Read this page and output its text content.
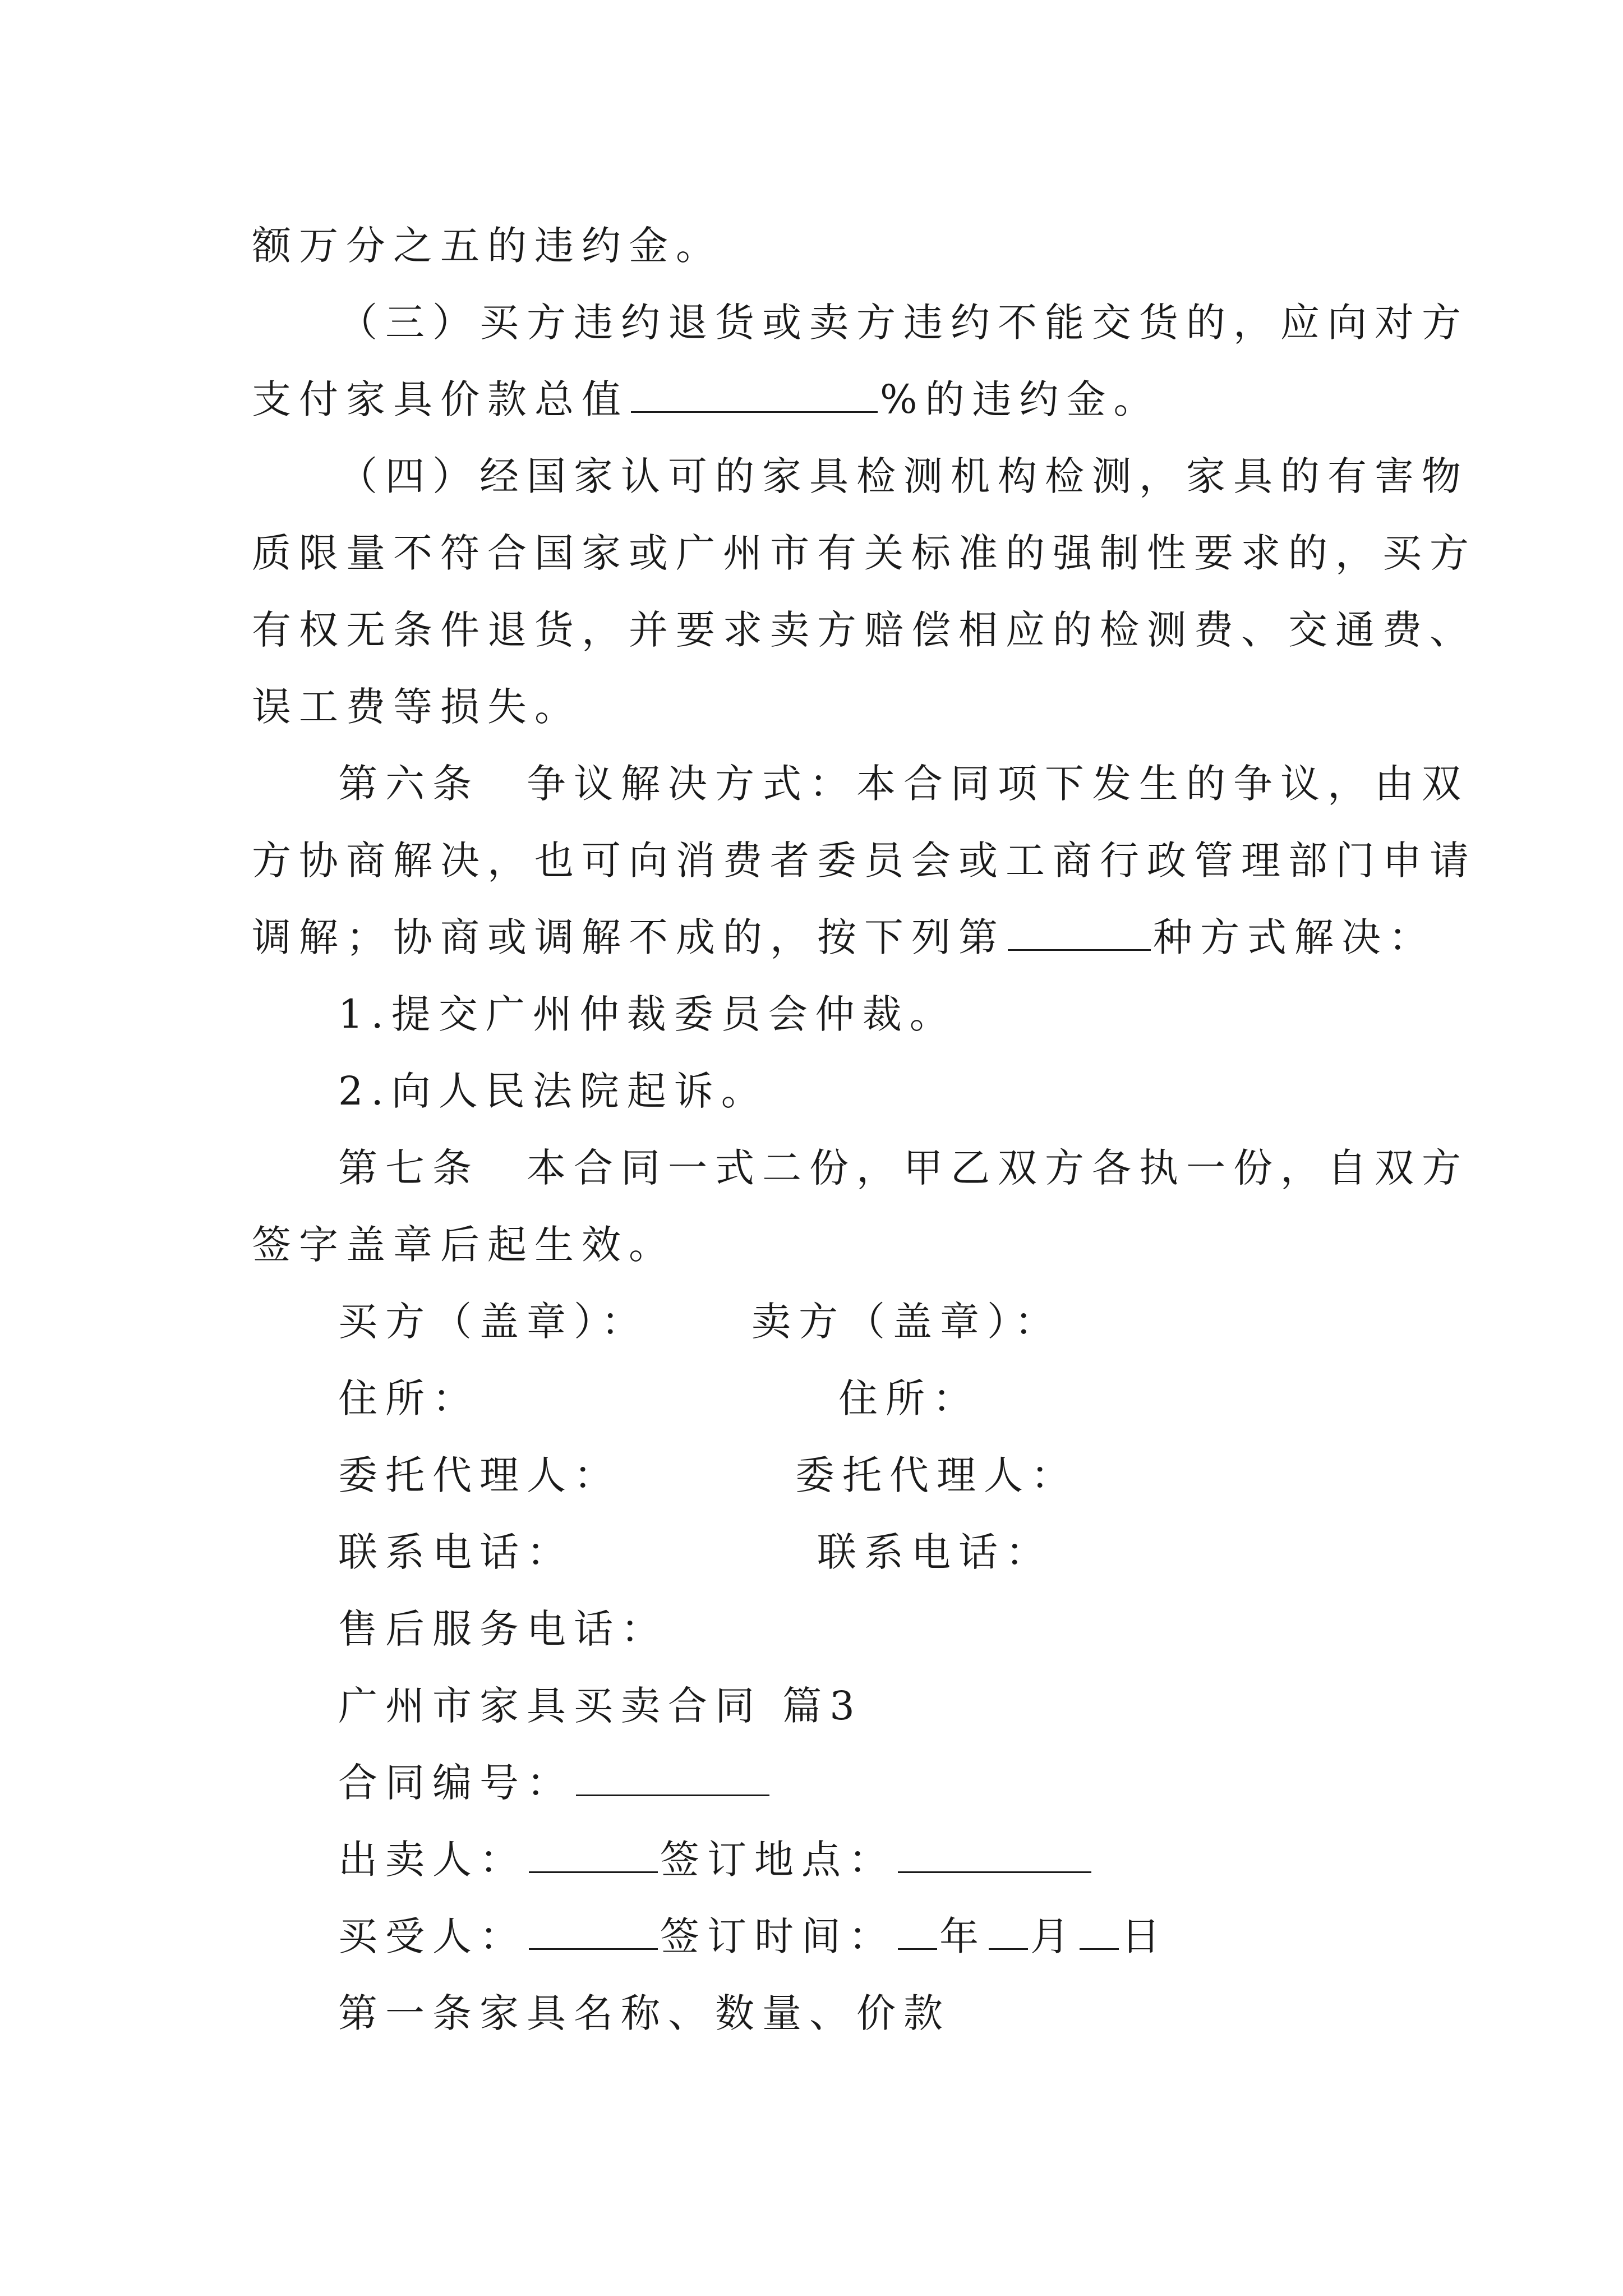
额万分之五的违约金。
（三）买方违约退货或卖方违约不能交货的，应向对方
支付家具价款总值	%的违约金。
（四）经国家认可的家具检测机构检测，家具的有害物
质限量不符合国家或广州市有关标准的强制性要求的，买方
有权无条件退货，并要求卖方赔偿相应的检测费、交通费、
误工费等损失。
第六条　争议解决方式：本合同项下发生的争议，由双
方协商解决，也可向消费者委员会或工商行政管理部门申请
调解；协商或调解不成的，按下列第	种方式解决：
1.提交广州仲裁委员会仲裁。
2.向人民法院起诉。
第七条　本合同一式二份，甲乙双方各执一份，自双方
签字盖章后起生效。
买方（盖章）：	卖方（盖章）：
住所：	住所：
委托代理人：	委托代理人：
联系电话：	联系电话：
售后服务电话：
广州市家具买卖合同 篇3
合同编号：
出卖人：	签订地点：
买受人：	签订时间： 年 月 日
第一条家具名称、数量、价款
